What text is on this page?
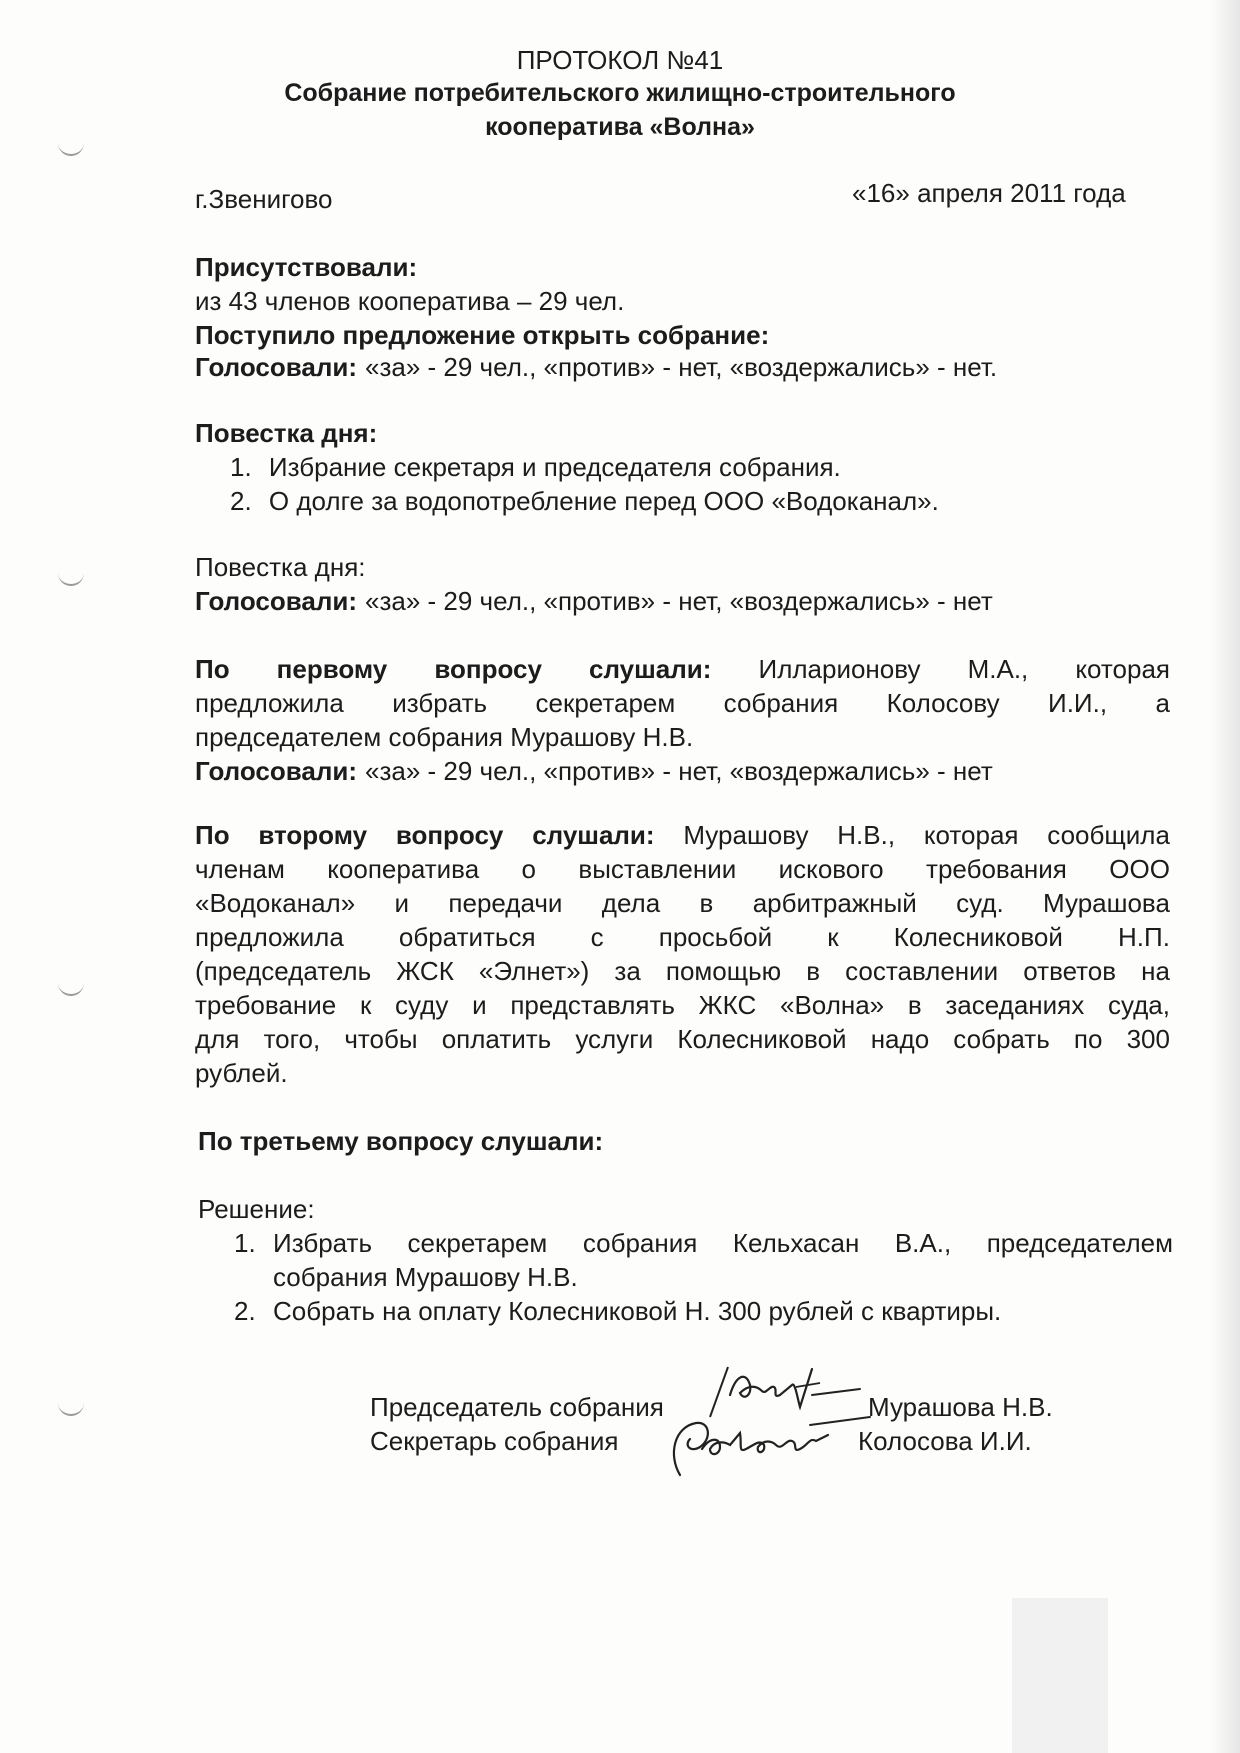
ПРОТОКОЛ №41
Собрание потребительского жилищно-строительного
кооператива «Волна»
г.Звенигово	«16» апреля 2011 года
Присутствовали:
из 43 членов кооператива – 29 чел.
Поступило предложение открыть собрание:
Голосовали: «за» - 29 чел., «против» - нет, «воздержались» - нет.
Повестка дня:
1. Избрание секретаря и председателя собрания.
2. О долге за водопотребление перед ООО «Водоканал».
Повестка дня:
Голосовали: «за» - 29 чел., «против» - нет, «воздержались» - нет
По первому вопросу слушали: Илларионову М.А., которая
предложила избрать секретарем собрания Колосову И.И., а
председателем собрания Мурашову Н.В.
Голосовали: «за» - 29 чел., «против» - нет, «воздержались» - нет
По второму вопросу слушали: Мурашову Н.В., которая сообщила
членам кооператива о выставлении искового требования ООО
«Водоканал» и передачи дела в арбитражный суд. Мурашова
предложила обратиться с просьбой к Колесниковой Н.П.
(председатель ЖСК «Элнет») за помощью в составлении ответов на
требование к суду и представлять ЖКС «Волна» в заседаниях суда,
для того, чтобы оплатить услуги Колесниковой надо собрать по 300
рублей.
По третьему вопросу слушали:
Решение:
1. Избрать секретарем собрания Кельхасан В.А., председателем
собрания Мурашову Н.В.
2. Собрать на оплату Колесниковой Н. 300 рублей с квартиры.
Председатель собрания	Мурашова Н.В.
Секретарь собрания	Колосова И.И.
